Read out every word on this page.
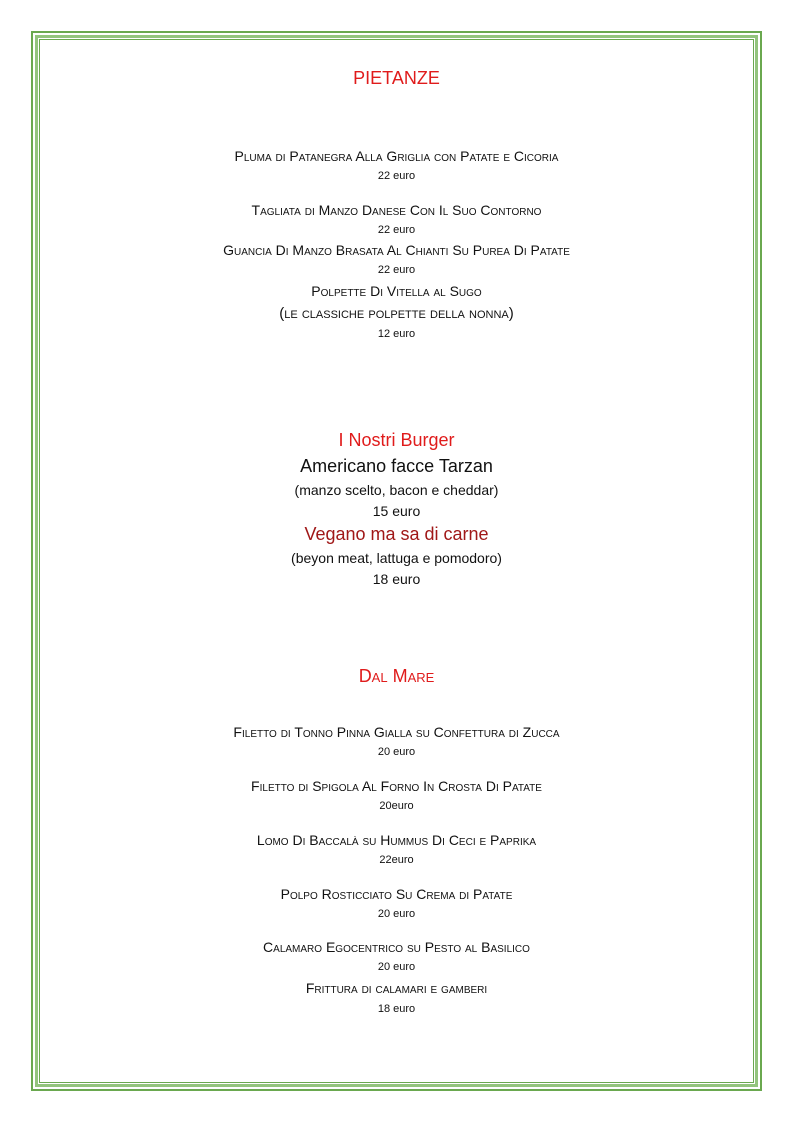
PIETANZE
Pluma di Patanegra Alla Griglia con Patate e Cicoria
22 euro
Tagliata di Manzo Danese Con Il Suo Contorno
22 euro
Guancia Di Manzo Brasata Al Chianti Su Purea Di Patate
22 euro
Polpette Di Vitella al Sugo
(le classiche polpette della nonna)
12 euro
I Nostri Burger
Americano facce Tarzan
(manzo scelto, bacon e cheddar)
15 euro
Vegano ma sa di carne
(beyon meat, lattuga e pomodoro)
18 euro
Dal Mare
Filetto di Tonno Pinna Gialla su Confettura di Zucca
20 euro
Filetto di Spigola Al Forno In Crosta Di Patate
20euro
Lomo Di Baccalà su Hummus Di Ceci e Paprika
22euro
Polpo Rosticciato Su Crema di Patate
20 euro
Calamaro Egocentrico su Pesto al Basilico
20 euro
Frittura di calamari e gamberi
18 euro
